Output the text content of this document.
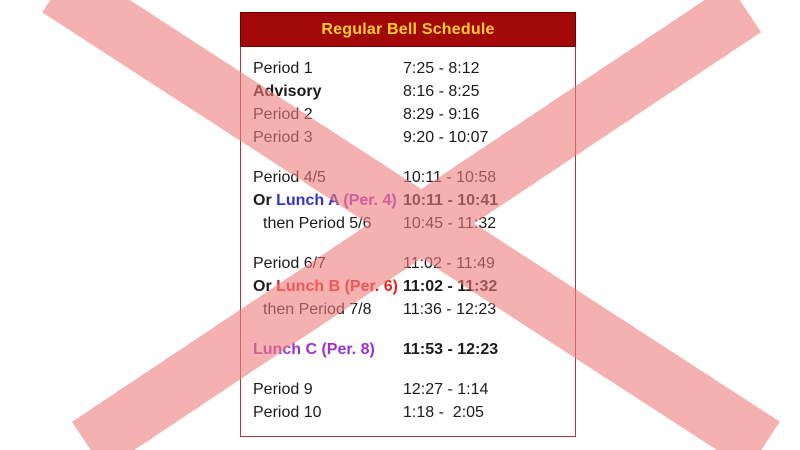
Regular Bell Schedule
Period 1	7:25 - 8:12
Advisory	8:16 - 8:25
Period 2	8:29 - 9:16
Period 3	9:20 - 10:07
Period 4/5	10:11 - 10:58
Or Lunch A (Per. 4) 10:11 - 10:41
then Period 5/6	10:45 - 11:32
Period 6/7	11:02 - 11:49
Or Lunch B (Per. 6) 11:02 - 11:32
then Period 7/8	11:36 - 12:23
Lunch C (Per. 8)	11:53 - 12:23
Period 9	12:27 - 1:14
Period 10	1:18 -  2:05
